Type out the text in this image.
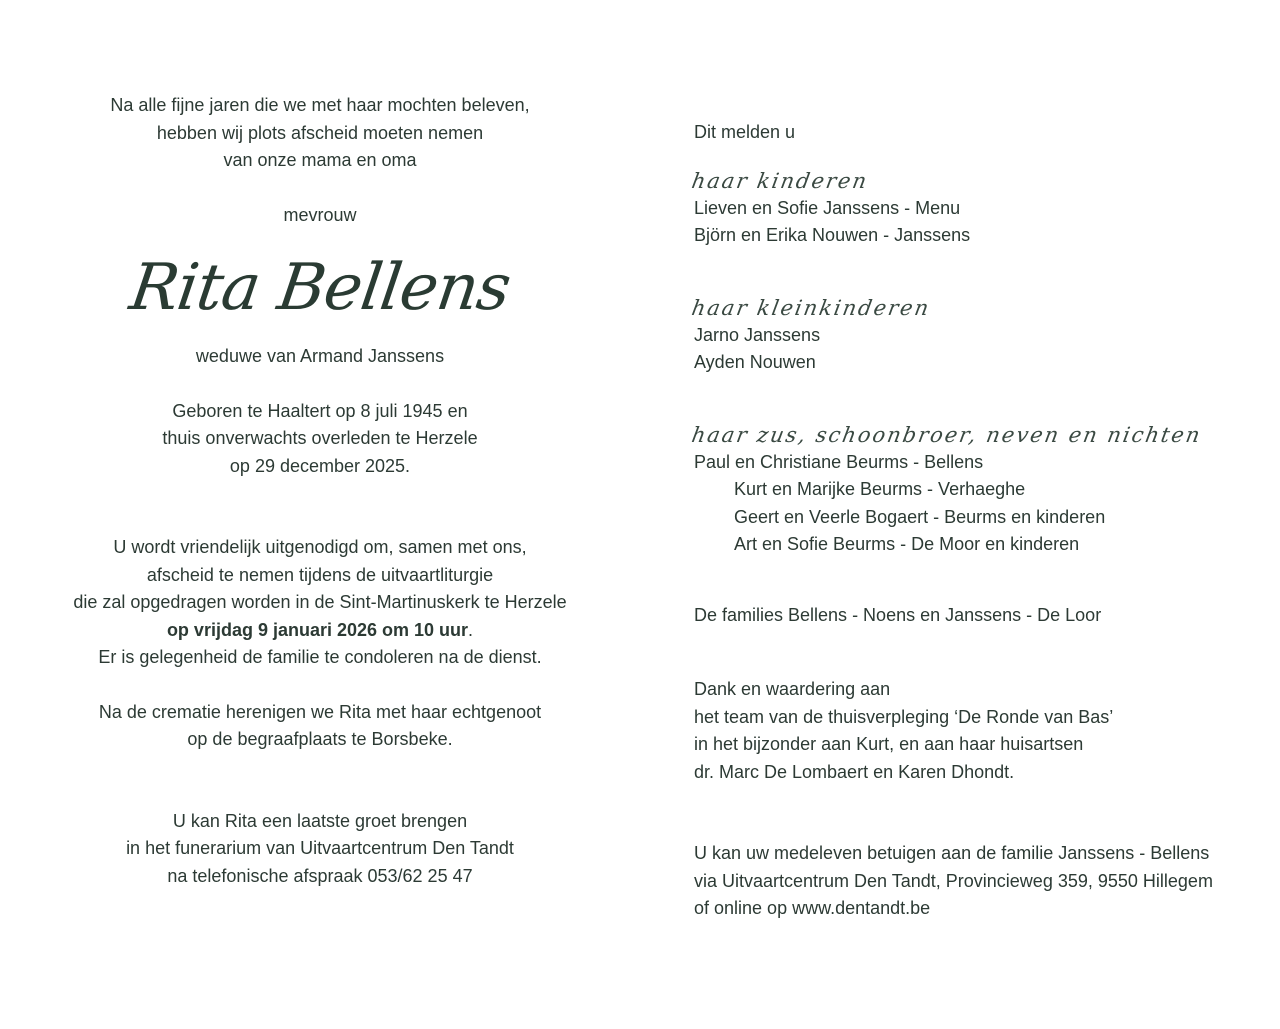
Na alle fijne jaren die we met haar mochten beleven,
hebben wij plots afscheid moeten nemen
van onze mama en oma
mevrouw
Rita Bellens
weduwe van Armand Janssens
Geboren te Haaltert op 8 juli 1945 en
thuis onverwachts overleden te Herzele
op 29 december 2025.
U wordt vriendelijk uitgenodigd om, samen met ons,
afscheid te nemen tijdens de uitvaartliturgie
die zal opgedragen worden in de Sint-Martinuskerk te Herzele
op vrijdag 9 januari 2026 om 10 uur.
Er is gelegenheid de familie te condoleren na de dienst.
Na de crematie herenigen we Rita met haar echtgenoot
op de begraafplaats te Borsbeke.
U kan Rita een laatste groet brengen
in het funerarium van Uitvaartcentrum Den Tandt
na telefonische afspraak 053/62 25 47
Dit melden u
haar kinderen
Lieven en Sofie Janssens - Menu
Björn en Erika Nouwen - Janssens
haar kleinkinderen
Jarno Janssens
Ayden Nouwen
haar zus, schoonbroer, neven en nichten
Paul en Christiane Beurms - Bellens
Kurt en Marijke Beurms - Verhaeghe
Geert en Veerle Bogaert - Beurms en kinderen
Art en Sofie Beurms - De Moor en kinderen
De families Bellens - Noens en Janssens - De Loor
Dank en waardering aan
het team van de thuisverpleging ‘De Ronde van Bas’
in het bijzonder aan Kurt, en aan haar huisartsen
dr. Marc De Lombaert en Karen Dhondt.
U kan uw medeleven betuigen aan de familie Janssens - Bellens
via Uitvaartcentrum Den Tandt, Provincieweg 359, 9550 Hillegem
of online op www.dentandt.be
